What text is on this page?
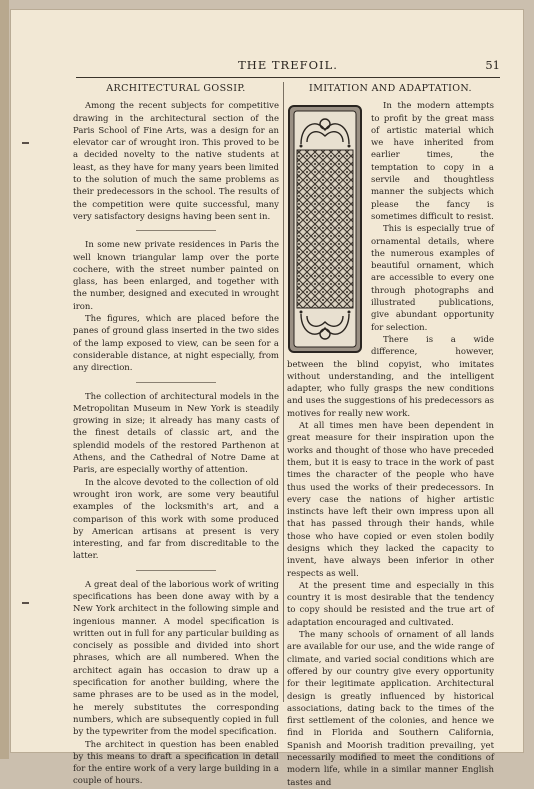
THE TREFOIL.	51
ARCHITECTURAL GOSSIP.

Among the recent subjects for competitive drawing in the architectural section of the Paris School of Fine Arts, was a design for an elevator car of wrought iron. This proved to be a decided novelty to the native students at least, as they have for many years been limited to the solution of much the same problems as their predecessors in the school. The results of the competition were quite successful, many very satisfactory designs having been sent in.

In some new private residences in Paris the well known triangular lamp over the porte cochere, with the street number painted on glass, has been enlarged, and together with the number, designed and executed in wrought iron.

The figures, which are placed before the panes of ground glass inserted in the two sides of the lamp exposed to view, can be seen for a considerable distance, at night especially, from any direction.

The collection of architectural models in the Metropolitan Museum in New York is steadily growing in size; it already has many casts of the finest details of classic art, and the splendid models of the restored Parthenon at Athens, and the Cathedral of Notre Dame at Paris, are especially worthy of attention.

In the alcove devoted to the collection of old wrought iron work, are some very beautiful examples of the locksmith's art, and a comparison of this work with some produced by American artisans at present is very interesting, and far from discreditable to the latter.

A great deal of the laborious work of writing specifications has been done away with by a New York architect in the following simple and ingenious manner. A model specification is written out in full for any particular building as concisely as possible and divided into short phrases, which are all numbered. When the architect again has occasion to draw up a specification for another building, where the same phrases are to be used as in the model, he merely substitutes the corresponding numbers, which are subsequently copied in full by the typewriter from the model specification.

The architect in question has been enabled by this means to draft a specification in detail for the entire work of a very large building in a couple of hours.

IMITATION AND ADAPTATION.

In the modern attempts to profit by the great mass of artistic material which we have inherited from earlier times, the temptation to copy in a servile and thoughtless manner the subjects which please the fancy is sometimes difficult to resist.

This is especially true of ornamental details, where the numerous examples of beautiful ornament, which are accessible to every one through photographs and illustrated publications, give abundant opportunity for selection.

There is a wide difference, however, between the blind copyist, who imitates without understanding, and the intelligent adapter, who fully grasps the new conditions and uses the suggestions of his predecessors as motives for really new work.

At all times men have been dependent in great measure for their inspiration upon the works and thought of those who have preceded them, but it is easy to trace in the work of past times the character of the people who have thus used the works of their predecessors. In every case the nations of higher artistic instincts have left their own impress upon all that has passed through their hands, while those who have copied or even stolen bodily designs which they lacked the capacity to invent, have always been inferior in other respects as well.

At the present time and especially in this country it is most desirable that the tendency to copy should be resisted and the true art of adaptation encouraged and cultivated.

The many schools of ornament of all lands are available for our use, and the wide range of climate, and varied social conditions which are offered by our country give every opportunity for their legitimate application. Architectural design is greatly influenced by historical associations, dating back to the times of the first settlement of the colonies, and hence we find in Florida and Southern California, Spanish and Moorish tradition prevailing, yet necessarily modified to meet the conditions of modern life, while in a similar manner English tastes and
